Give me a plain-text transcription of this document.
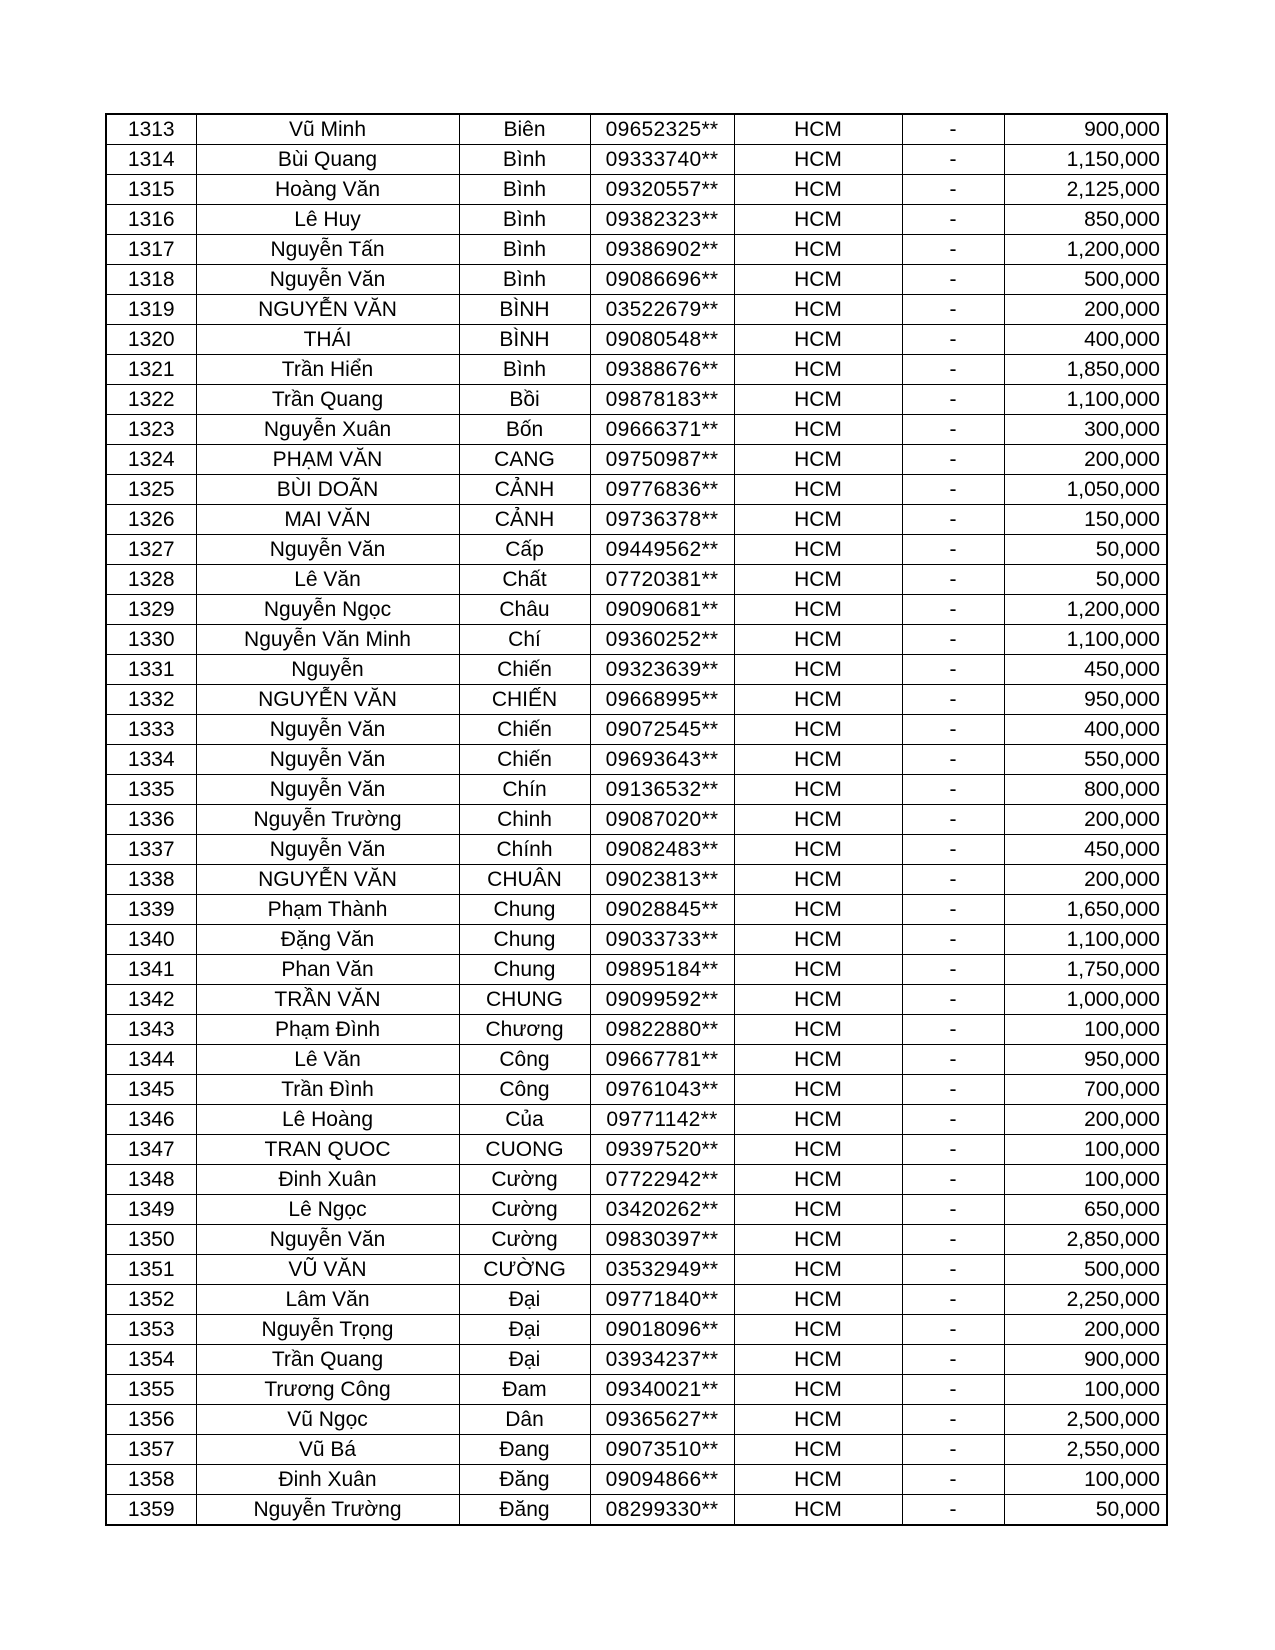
1313	Vũ Minh	Biên	09652325**	HCM	-	900,000
1314	Bùi Quang	Bình	09333740**	HCM	-	1,150,000
1315	Hoàng Văn	Bình	09320557**	HCM	-	2,125,000
1316	Lê Huy	Bình	09382323**	HCM	-	850,000
1317	Nguyễn Tấn	Bình	09386902**	HCM	-	1,200,000
1318	Nguyễn Văn	Bình	09086696**	HCM	-	500,000
1319	NGUYỄN VĂN	BÌNH	03522679**	HCM	-	200,000
1320	THÁI	BÌNH	09080548**	HCM	-	400,000
1321	Trần Hiển	Bình	09388676**	HCM	-	1,850,000
1322	Trần Quang	Bồi	09878183**	HCM	-	1,100,000
1323	Nguyễn Xuân	Bốn	09666371**	HCM	-	300,000
1324	PHẠM VĂN	CANG	09750987**	HCM	-	200,000
1325	BÙI DOÃN	CẢNH	09776836**	HCM	-	1,050,000
1326	MAI VĂN	CẢNH	09736378**	HCM	-	150,000
1327	Nguyễn Văn	Cấp	09449562**	HCM	-	50,000
1328	Lê Văn	Chất	07720381**	HCM	-	50,000
1329	Nguyễn Ngọc	Châu	09090681**	HCM	-	1,200,000
1330	Nguyễn Văn Minh	Chí	09360252**	HCM	-	1,100,000
1331	Nguyễn	Chiến	09323639**	HCM	-	450,000
1332	NGUYỄN VĂN	CHIẾN	09668995**	HCM	-	950,000
1333	Nguyễn Văn	Chiến	09072545**	HCM	-	400,000
1334	Nguyễn Văn	Chiến	09693643**	HCM	-	550,000
1335	Nguyễn Văn	Chín	09136532**	HCM	-	800,000
1336	Nguyễn Trường	Chinh	09087020**	HCM	-	200,000
1337	Nguyễn Văn	Chính	09082483**	HCM	-	450,000
1338	NGUYỄN VĂN	CHUÂN	09023813**	HCM	-	200,000
1339	Phạm Thành	Chung	09028845**	HCM	-	1,650,000
1340	Đặng Văn	Chung	09033733**	HCM	-	1,100,000
1341	Phan Văn	Chung	09895184**	HCM	-	1,750,000
1342	TRẦN VĂN	CHUNG	09099592**	HCM	-	1,000,000
1343	Phạm Đình	Chương	09822880**	HCM	-	100,000
1344	Lê Văn	Công	09667781**	HCM	-	950,000
1345	Trần Đình	Công	09761043**	HCM	-	700,000
1346	Lê Hoàng	Của	09771142**	HCM	-	200,000
1347	TRAN QUOC	CUONG	09397520**	HCM	-	100,000
1348	Đinh Xuân	Cường	07722942**	HCM	-	100,000
1349	Lê Ngọc	Cường	03420262**	HCM	-	650,000
1350	Nguyễn Văn	Cường	09830397**	HCM	-	2,850,000
1351	VŨ VĂN	CƯỜNG	03532949**	HCM	-	500,000
1352	Lâm Văn	Đại	09771840**	HCM	-	2,250,000
1353	Nguyễn Trọng	Đại	09018096**	HCM	-	200,000
1354	Trần Quang	Đại	03934237**	HCM	-	900,000
1355	Trương Công	Đam	09340021**	HCM	-	100,000
1356	Vũ Ngọc	Dân	09365627**	HCM	-	2,500,000
1357	Vũ Bá	Đang	09073510**	HCM	-	2,550,000
1358	Đinh Xuân	Đăng	09094866**	HCM	-	100,000
1359	Nguyễn Trường	Đăng	08299330**	HCM	-	50,000
